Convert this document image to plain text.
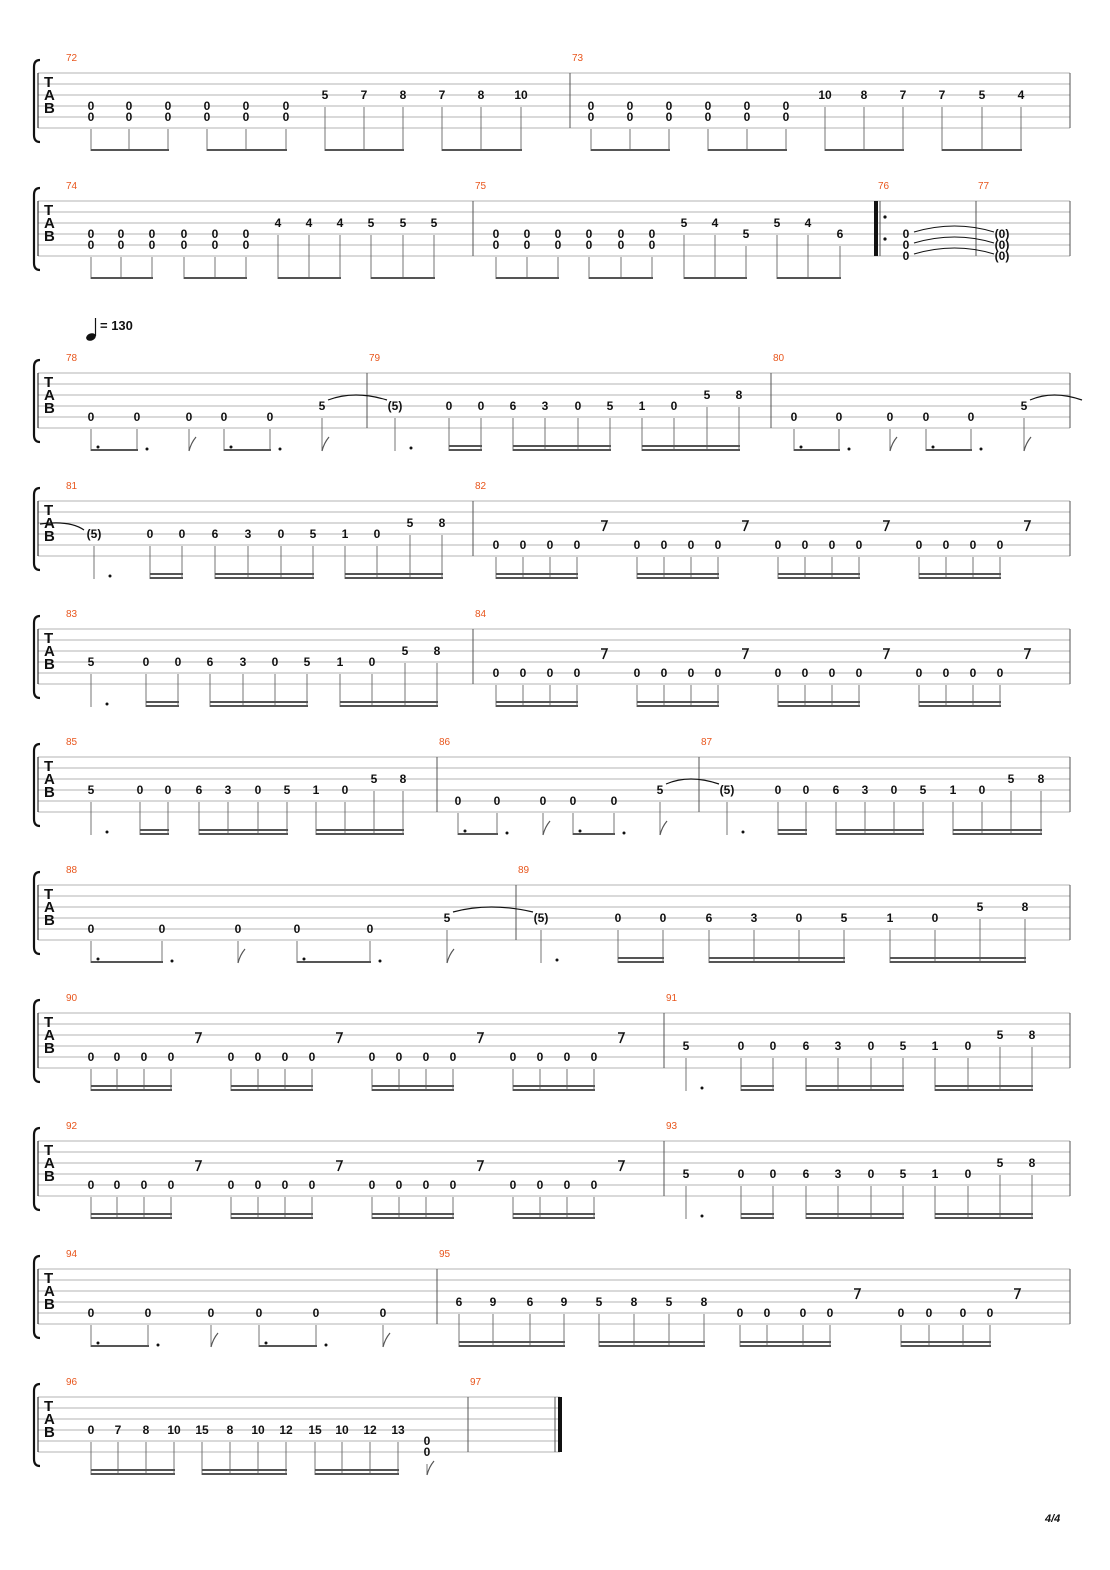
T
A
B
72
0
0
0
0
0
0
0
0
0
0
0
0
5	7	8	7	8 10
73
0
0
0
0
0
0
0
0
0
0
0
0
10 8	7	7	5	4
T
A
B
74
0
0
0
0
0
0
0
0
0
0
0
0
4 4 4 5 5 5
75
0
0
0
0
0
0
0
0
0
0
0
0
5 4
5
5 4
6
76
0
0
0
77
(0)
(0)
(0)
T
A
B
78
0	0	0 0	0
5
79
(5)	0 0 6 3 0 5 1 0
5 8
80
0	0	0 0	0
5
T
A
B
81
(5)	0 0 6 3 0 5 1 0
5 8
82
0 0 0 0	0 0 0 0	0 0 0 0	0 0 0 0
T
A
B
83
5	0 0 6 3 0 5 1 0
5 8
84
0 0 0 0	0 0 0 0	0 0 0 0	0 0 0 0
T
A
B
85
5	0 0 6 3 0 5 1 0
5 8
86
0	0	0 0	0
5
87
(5)	0 0 6 3 0 5 1 0
5 8
T
A
B
88
0	0	0	0	0
5
89
(5)	0	0	6	3	0	5	1	0
5	8
T
A
B
90
0 0 0 0	0 0 0 0	0 0 0 0	0 0 0 0
91
5	0 0 6 3 0 5 1 0
5 8
T
A
B
92
0 0 0 0	0 0 0 0	0 0 0 0	0 0 0 0
93
5	0 0 6 3 0 5 1 0
5 8
T
A
B
94
0	0	0	0	0	0
95
6 9	6 9 5 8 5 8
0 0 0 0	0 0 0 0
T
A
B
96
0 7 8 10 15 8 10 12 15 10 12 13
0
0
97
= 130
4/4
